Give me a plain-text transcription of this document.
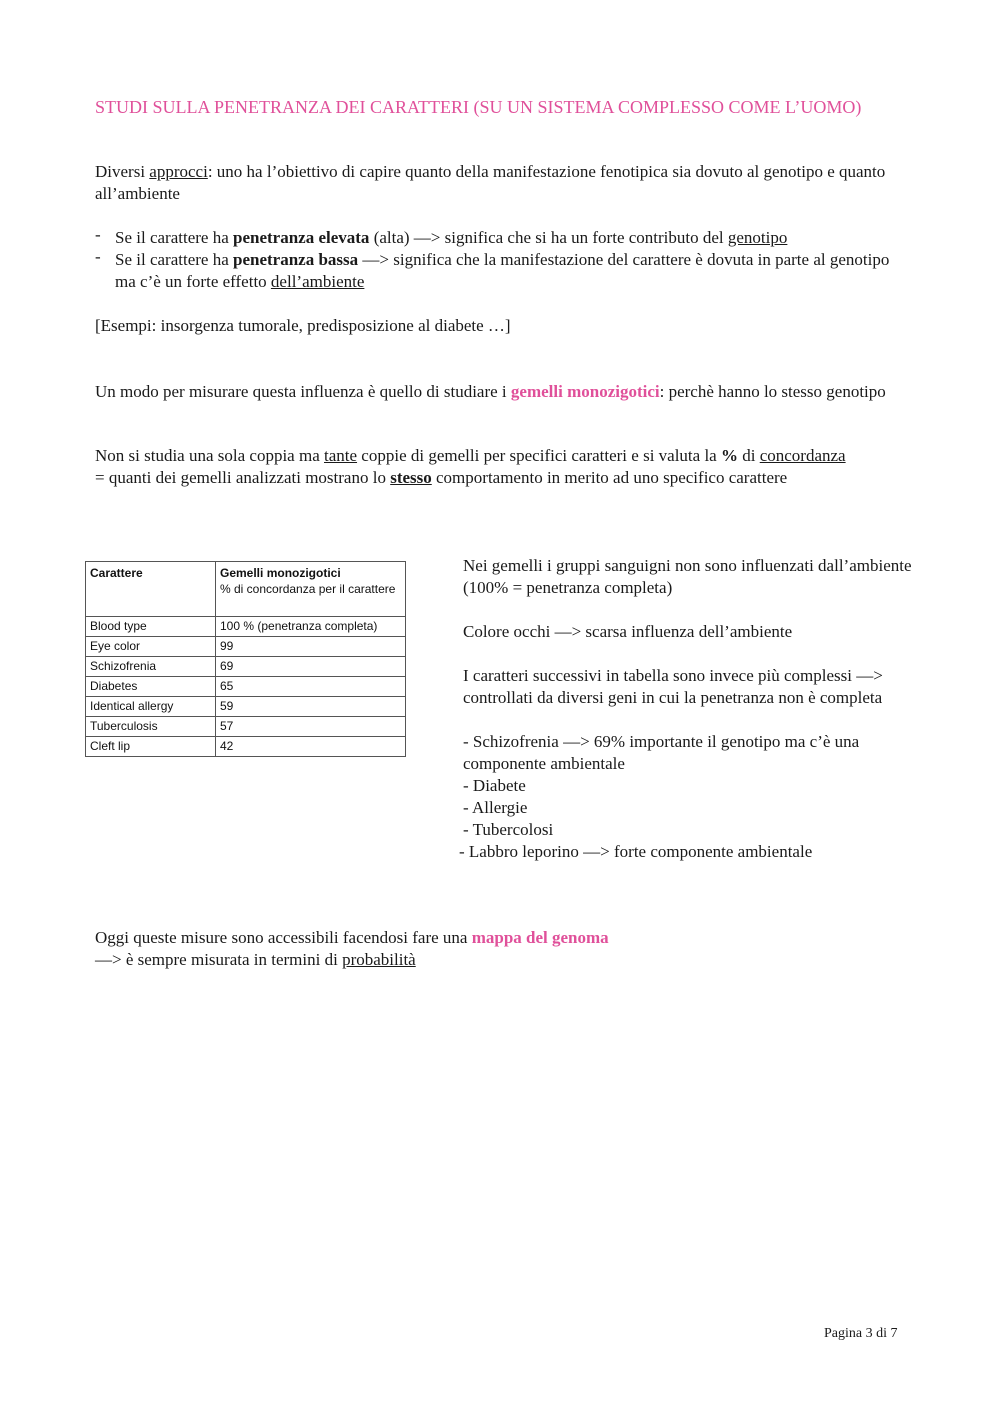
STUDI SULLA PENETRANZA DEI CARATTERI (SU UN SISTEMA COMPLESSO COME L’UOMO)

Diversi approcci: uno ha l’obiettivo di capire quanto della manifestazione fenotipica sia dovuto al genotipo e quanto all’ambiente

- Se il carattere ha penetranza elevata (alta) —> significa che si ha un forte contributo del genotipo
- Se il carattere ha penetranza bassa —> significa che la manifestazione del carattere è dovuta in parte al genotipo ma c’è un forte effetto dell’ambiente

[Esempi: insorgenza tumorale, predisposizione al diabete …]

Un modo per misurare questa influenza è quello di studiare i gemelli monozigotici: perchè hanno lo stesso genotipo

Non si studia una sola coppia ma tante coppie di gemelli per specifici caratteri e si valuta la % di concordanza
= quanti dei gemelli analizzati mostrano lo stesso comportamento in merito ad uno specifico carattere

Carattere	Gemelli monozigotici
% di concordanza per il carattere

Blood type	100 % (penetranza completa)
Eye color	99
Schizofrenia	69
Diabetes	65
Identical allergy	59
Tuberculosis	57
Cleft lip	42
Nei gemelli i gruppi sanguigni non sono influenzati dall’ambiente (100% = penetranza completa)
Colore occhi —> scarsa influenza dell’ambiente
I caratteri successivi in tabella sono invece più complessi —> controllati da diversi geni in cui la penetranza non è completa
- Schizofrenia —> 69% importante il genotipo ma c’è una componente ambientale
- Diabete
- Allergie
- Tubercolosi
- Labbro leporino —> forte componente ambientale

Oggi queste misure sono accessibili facendosi fare una mappa del genoma
—> è sempre misurata in termini di probabilità

Pagina 3 di 7
